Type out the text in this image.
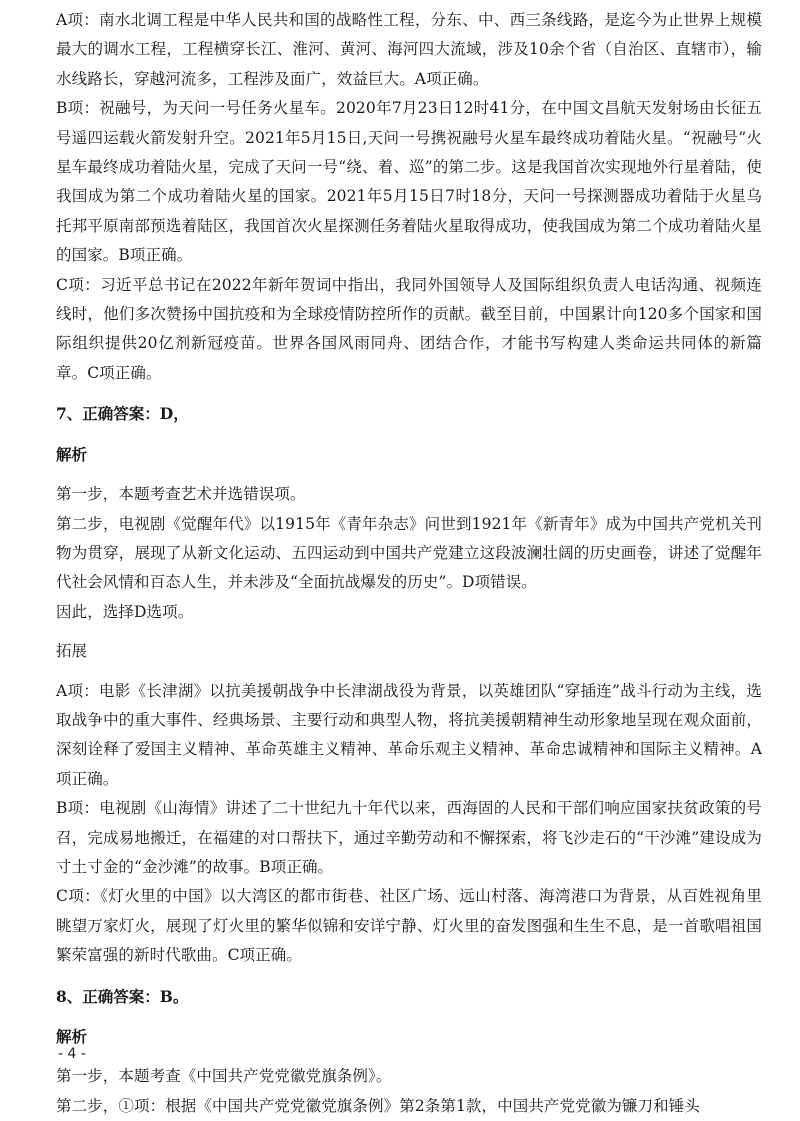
A项：南水北调工程是中华人民共和国的战略性工程，分东、中、西三条线路，是迄今为止世界上规模最大的调水工程，工程横穿长江、淮河、黄河、海河四大流域，涉及10余个省（自治区、直辖市），输水线路长，穿越河流多，工程涉及面广，效益巨大。A项正确。

B项：祝融号，为天问一号任务火星车。2020年7月23日12时41分，在中国文昌航天发射场由长征五号遥四运载火箭发射升空。2021年5月15日,天问一号携祝融号火星车最终成功着陆火星。“祝融号”火星车最终成功着陆火星，完成了天问一号“绕、着、巡”的第二步。这是我国首次实现地外行星着陆，使我国成为第二个成功着陆火星的国家。2021年5月15日7时18分，天问一号探测器成功着陆于火星乌托邦平原南部预选着陆区，我国首次火星探测任务着陆火星取得成功，使我国成为第二个成功着陆火星的国家。B项正确。

C项：习近平总书记在2022年新年贺词中指出，我同外国领导人及国际组织负责人电话沟通、视频连线时，他们多次赞扬中国抗疫和为全球疫情防控所作的贡献。截至目前，中国累计向120多个国家和国际组织提供20亿剂新冠疫苗。世界各国风雨同舟、团结合作，才能书写构建人类命运共同体的新篇章。C项正确。

7、正确答案：D，

解析

第一步，本题考查艺术并选错误项。

第二步，电视剧《觉醒年代》以1915年《青年杂志》问世到1921年《新青年》成为中国共产党机关刊物为贯穿，展现了从新文化运动、五四运动到中国共产党建立这段波澜壮阔的历史画卷，讲述了觉醒年代社会风情和百态人生，并未涉及“全面抗战爆发的历史”。D项错误。

因此，选择D选项。

拓展

A项：电影《长津湖》以抗美援朝战争中长津湖战役为背景，以英雄团队“穿插连”战斗行动为主线，选取战争中的重大事件、经典场景、主要行动和典型人物，将抗美援朝精神生动形象地呈现在观众面前，深刻诠释了爱国主义精神、革命英雄主义精神、革命乐观主义精神、革命忠诚精神和国际主义精神。A项正确。

B项：电视剧《山海情》讲述了二十世纪九十年代以来，西海固的人民和干部们响应国家扶贫政策的号召，完成易地搬迁，在福建的对口帮扶下，通过辛勤劳动和不懈探索，将飞沙走石的“干沙滩”建设成为寸土寸金的“金沙滩”的故事。B项正确。

C项：《灯火里的中国》以大湾区的都市街巷、社区广场、远山村落、海湾港口为背景，从百姓视角里眺望万家灯火，展现了灯火里的繁华似锦和安详宁静、灯火里的奋发图强和生生不息，是一首歌唱祖国繁荣富强的新时代歌曲。C项正确。

8、正确答案：B。

解析

第一步，本题考查《中国共产党党徽党旗条例》。

第二步，①项：根据《中国共产党党徽党旗条例》第2条第1款，中国共产党党徽为镰刀和锤头

- 4 -
